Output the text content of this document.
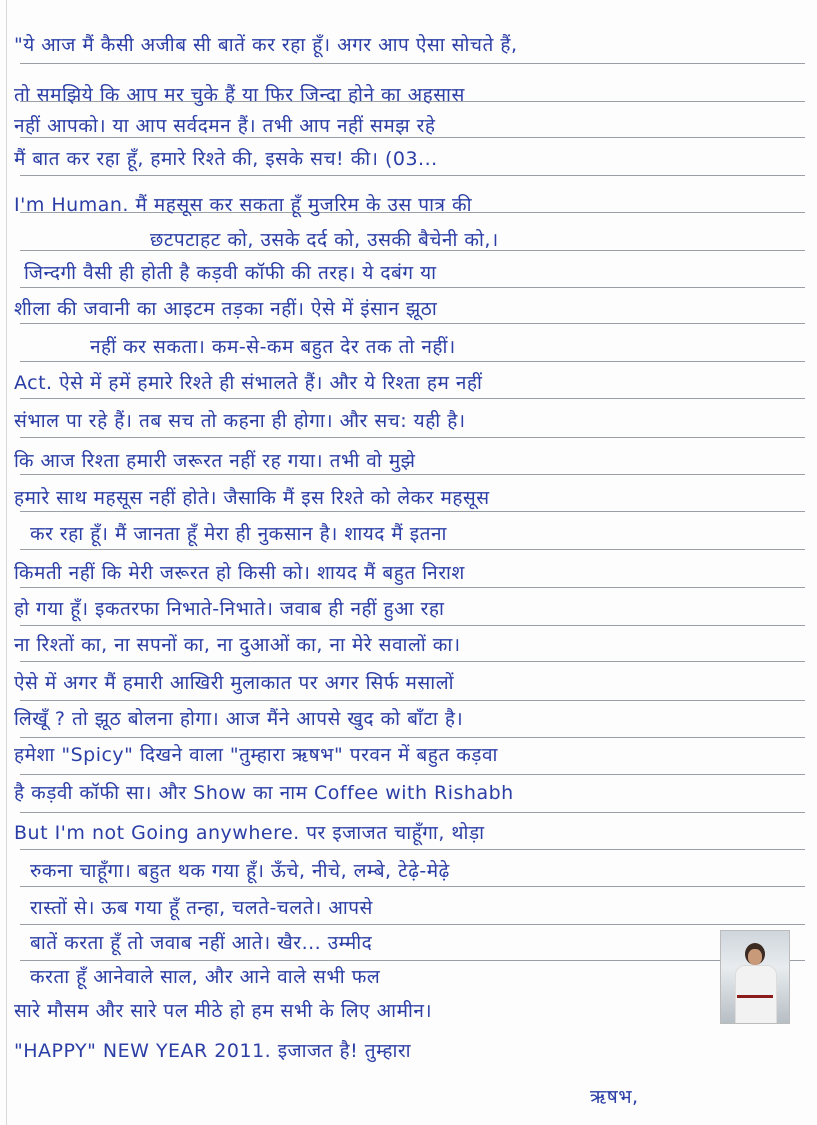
"ये आज मैं कैसी अजीब सी बातें कर रहा हूँ। अगर आप ऐसा सोचते हैं,
तो समझिये कि आप मर चुके हैं या फिर जिन्दा होने का अहसास
नहीं आपको। या आप सर्वदमन हैं। तभी आप नहीं समझ रहे
मैं बात कर रहा हूँ, हमारे रिश्ते की, इसके सच! की। (03...
I'm Human. मैं महसूस कर सकता हूँ मुजरिम के उस पात्र की
छटपटाहट को, उसके दर्द को, उसकी बैचेनी को,।
जिन्दगी वैसी ही होती है कड़वी कॉफी की तरह। ये दबंग या
शीला की जवानी का आइटम तड़का नहीं। ऐसे में इंसान झूठा
नहीं कर सकता। कम-से-कम बहुत देर तक तो नहीं।
Act. ऐसे में हमें हमारे रिश्ते ही संभालते हैं। और ये रिश्ता हम नहीं
संभाल पा रहे हैं। तब सच तो कहना ही होगा। और सच: यही है।
कि आज रिश्ता हमारी जरूरत नहीं रह गया। तभी वो मुझे
हमारे साथ महसूस नहीं होते। जैसाकि मैं इस रिश्ते को लेकर महसूस
कर रहा हूँ। मैं जानता हूँ मेरा ही नुकसान है। शायद मैं इतना
किमती नहीं कि मेरी जरूरत हो किसी को। शायद मैं बहुत निराश
हो गया हूँ। इकतरफा निभाते-निभाते। जवाब ही नहीं हुआ रहा
ना रिश्तों का, ना सपनों का, ना दुआओं का, ना मेरे सवालों का।
ऐसे में अगर मैं हमारी आखिरी मुलाकात पर अगर सिर्फ मसालों
लिखूँ ? तो झूठ बोलना होगा। आज मैंने आपसे खुद को बाँटा है।
हमेशा "Spicy" दिखने वाला "तुम्हारा ऋषभ" परवन में बहुत कड़वा
है कड़वी कॉफी सा। और Show का नाम Coffee with Rishabh
But I'm not Going anywhere. पर इजाजत चाहूँगा, थोड़ा
रुकना चाहूँगा। बहुत थक गया हूँ। ऊँचे, नीचे, लम्बे, टेढ़े-मेढ़े
रास्तों से। ऊब गया हूँ तन्हा, चलते-चलते। आपसे
बातें करता हूँ तो जवाब नहीं आते। खैर... उम्मीद
करता हूँ आनेवाले साल, और आने वाले सभी फल
सारे मौसम और सारे पल मीठे हो हम सभी के लिए आमीन।
"HAPPY" NEW YEAR 2011. इजाजत है! तुम्हारा
ऋषभ,
